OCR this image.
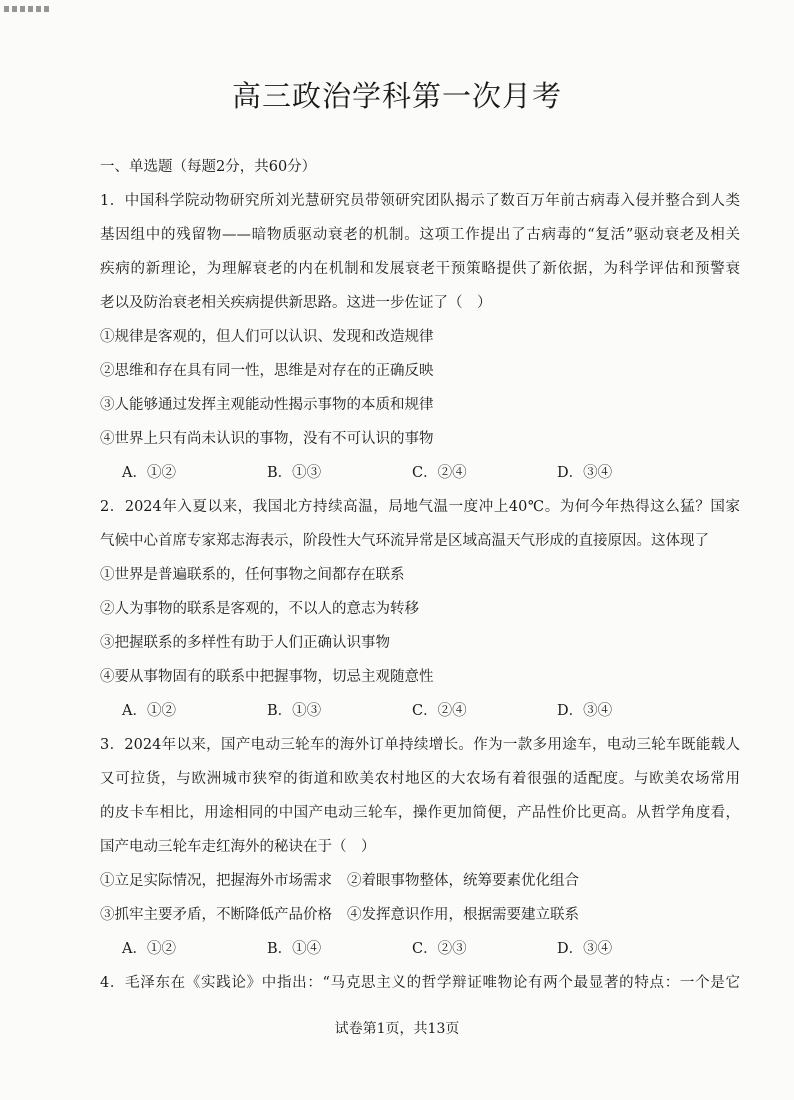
高三政治学科第一次月考
一、单选题（每题2分，共60分）
1．中国科学院动物研究所刘光慧研究员带领研究团队揭示了数百万年前古病毒入侵并整合到人类
基因组中的残留物——暗物质驱动衰老的机制。这项工作提出了古病毒的“复活”驱动衰老及相关
疾病的新理论，为理解衰老的内在机制和发展衰老干预策略提供了新依据，为科学评估和预警衰
老以及防治衰老相关疾病提供新思路。这进一步佐证了（　）
①规律是客观的，但人们可以认识、发现和改造规律
②思维和存在具有同一性，思维是对存在的正确反映
③人能够通过发挥主观能动性揭示事物的本质和规律
④世界上只有尚未认识的事物，没有不可认识的事物
A．①②	B．①③	C．②④	D．③④
2．2024年入夏以来，我国北方持续高温，局地气温一度冲上40℃。为何今年热得这么猛？国家
气候中心首席专家郑志海表示，阶段性大气环流异常是区域高温天气形成的直接原因。这体现了
①世界是普遍联系的，任何事物之间都存在联系
②人为事物的联系是客观的，不以人的意志为转移
③把握联系的多样性有助于人们正确认识事物
④要从事物固有的联系中把握事物，切忌主观随意性
A．①②	B．①③	C．②④	D．③④
3．2024年以来，国产电动三轮车的海外订单持续增长。作为一款多用途车，电动三轮车既能载人
又可拉货，与欧洲城市狭窄的街道和欧美农村地区的大农场有着很强的适配度。与欧美农场常用
的皮卡车相比，用途相同的中国产电动三轮车，操作更加简便，产品性价比更高。从哲学角度看，
国产电动三轮车走红海外的秘诀在于（　）
①立足实际情况，把握海外市场需求	②着眼事物整体，统筹要素优化组合
③抓牢主要矛盾，不断降低产品价格	④发挥意识作用，根据需要建立联系
A．①②	B．①④	C．②③	D．③④
4．毛泽东在《实践论》中指出：“马克思主义的哲学辩证唯物论有两个最显著的特点：一个是它
试卷第1页，共13页
